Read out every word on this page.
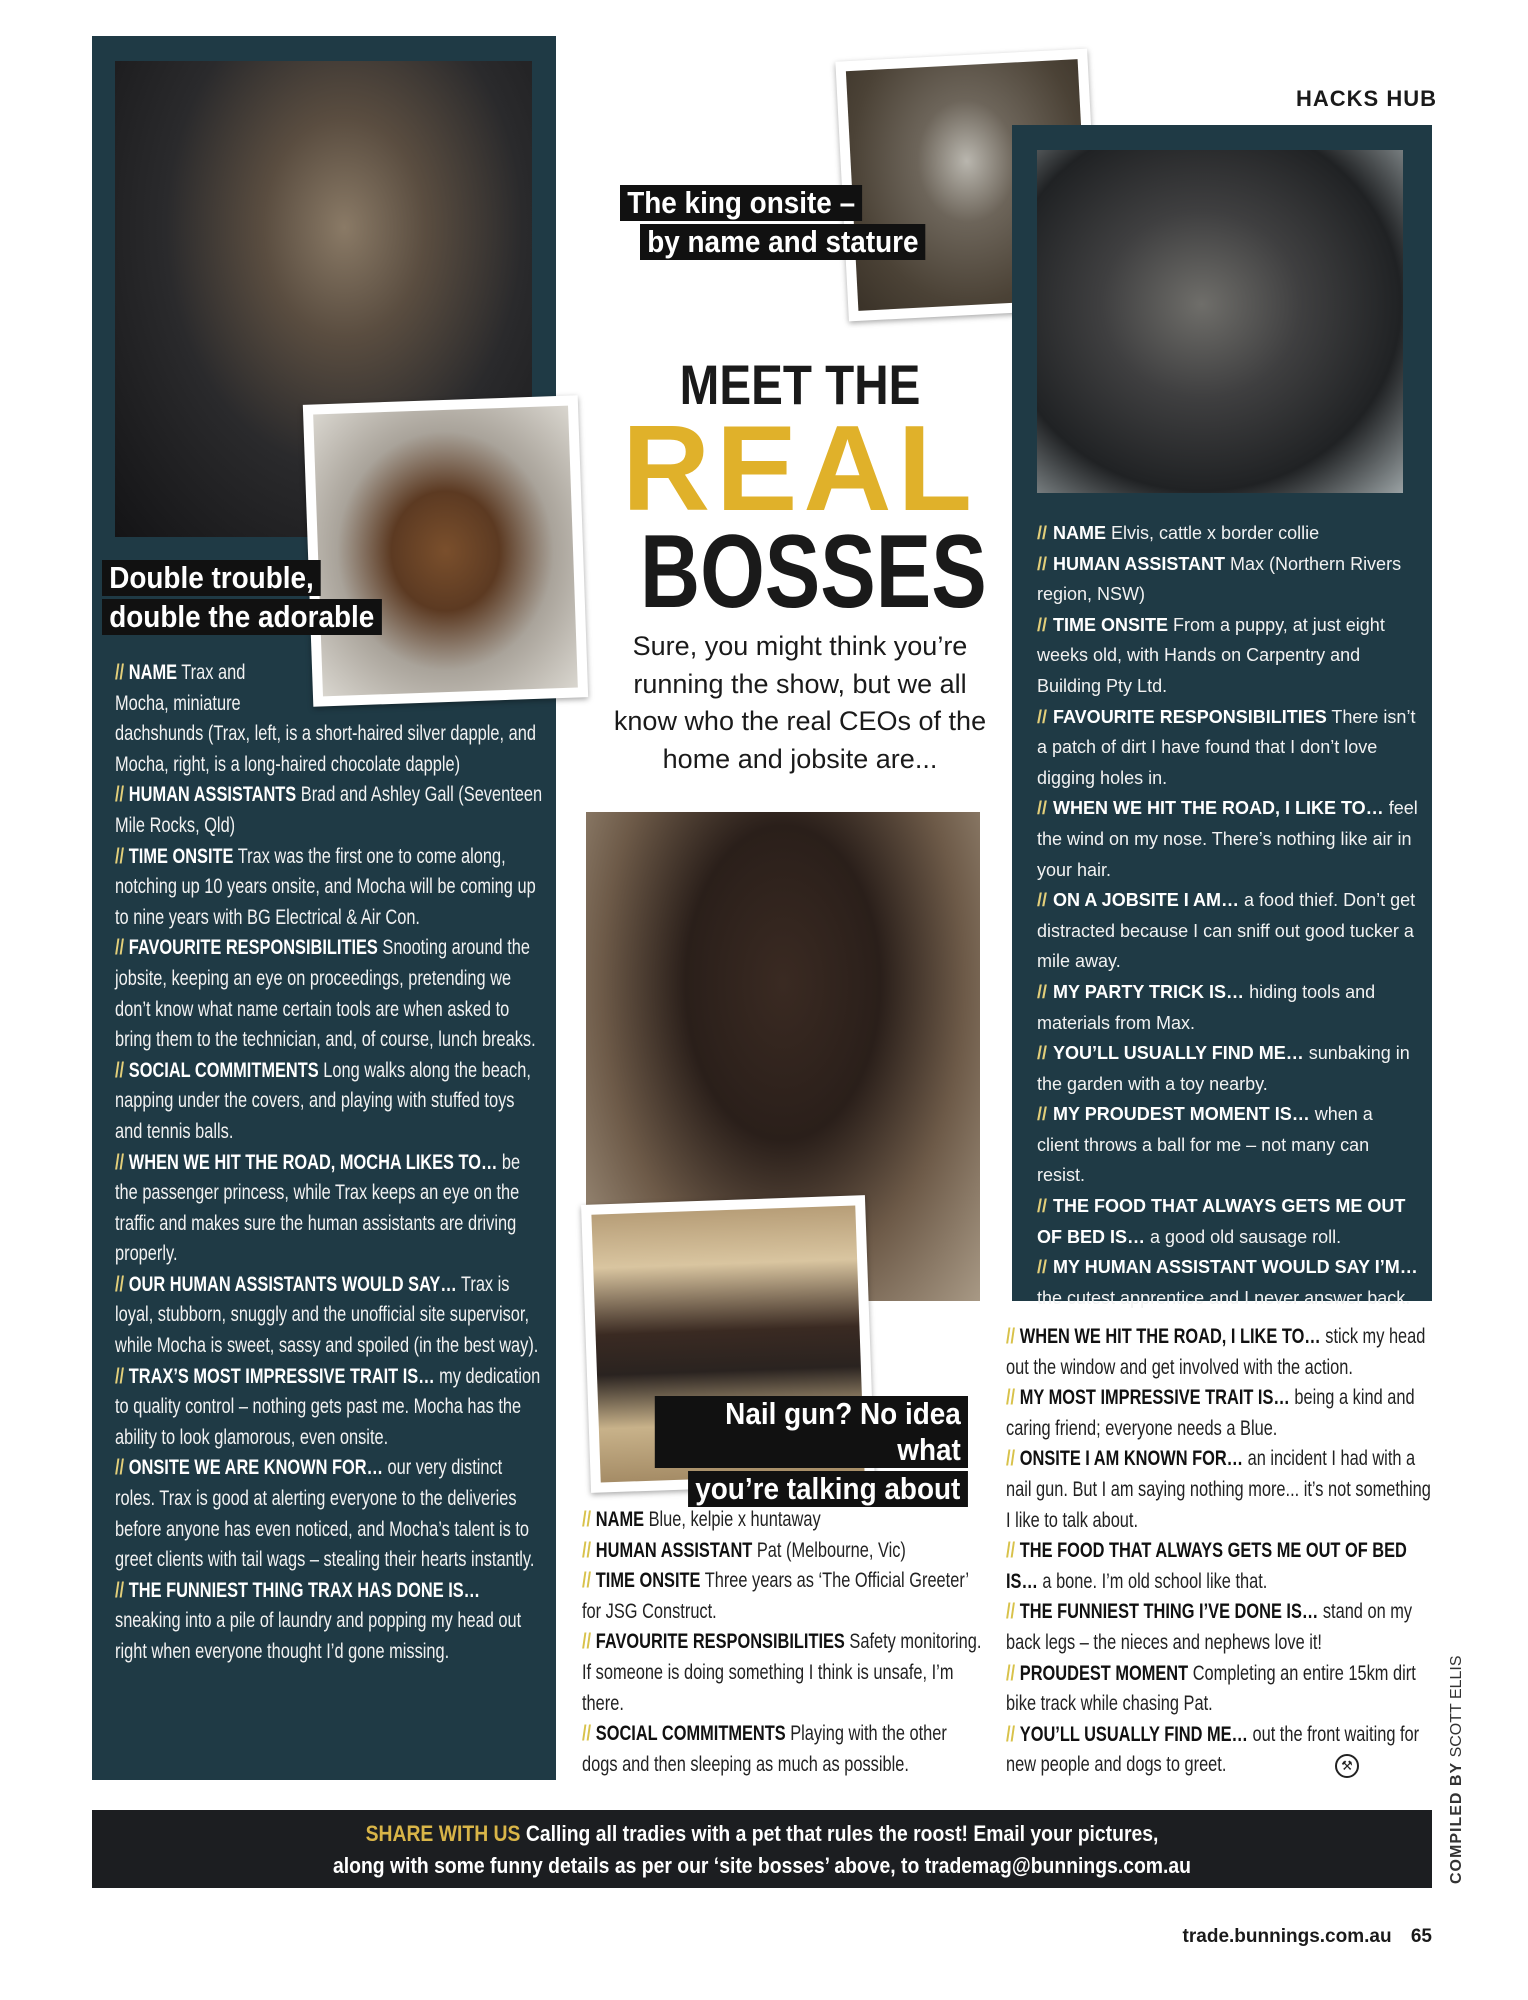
HACKS HUB
Double trouble,
double the adorable

// NAME Trax and Mocha, miniature dachshunds (Trax, left, is a short-haired silver dapple, and Mocha, right, is a long-haired chocolate dapple)

// HUMAN ASSISTANTS Brad and Ashley Gall (Seventeen Mile Rocks, Qld)

// TIME ONSITE Trax was the first one to come along, notching up 10 years onsite, and Mocha will be coming up to nine years with BG Electrical & Air Con.

// FAVOURITE RESPONSIBILITIES Snooting around the jobsite, keeping an eye on proceedings, pretending we don’t know what name certain tools are when asked to bring them to the technician, and, of course, lunch breaks.

// SOCIAL COMMITMENTS Long walks along the beach, napping under the covers, and playing with stuffed toys and tennis balls.

// WHEN WE HIT THE ROAD, MOCHA LIKES TO… be the passenger princess, while Trax keeps an eye on the traffic and makes sure the human assistants are driving properly.

// OUR HUMAN ASSISTANTS WOULD SAY… Trax is loyal, stubborn, snuggly and the unofficial site supervisor, while Mocha is sweet, sassy and spoiled (in the best way).

// TRAX’S MOST IMPRESSIVE TRAIT IS… my dedication to quality control – nothing gets past me. Mocha has the ability to look glamorous, even onsite.

// ONSITE WE ARE KNOWN FOR… our very distinct roles. Trax is good at alerting everyone to the deliveries before anyone has even noticed, and Mocha’s talent is to greet clients with tail wags – stealing their hearts instantly.

// THE FUNNIEST THING TRAX HAS DONE IS… sneaking into a pile of laundry and popping my head out right when everyone thought I’d gone missing.

The king onsite –
by name and stature
MEET THE
REAL
BOSSES
Sure, you might think you’re running the show, but we all know who the real CEOs of the home and jobsite are...

// NAME Elvis, cattle x border collie

// HUMAN ASSISTANT Max (Northern Rivers region, NSW)

// TIME ONSITE From a puppy, at just eight weeks old, with Hands on Carpentry and Building Pty Ltd.

// FAVOURITE RESPONSIBILITIES There isn’t a patch of dirt I have found that I don’t love digging holes in.

// WHEN WE HIT THE ROAD, I LIKE TO… feel the wind on my nose. There’s nothing like air in your hair.

// ON A JOBSITE I AM… a food thief. Don’t get distracted because I can sniff out good tucker a mile away.

// MY PARTY TRICK IS… hiding tools and materials from Max.

// YOU’LL USUALLY FIND ME… sunbaking in the garden with a toy nearby.

// MY PROUDEST MOMENT IS… when a client throws a ball for me – not many can resist.

// THE FOOD THAT ALWAYS GETS ME OUT OF BED IS… a good old sausage roll.

// MY HUMAN ASSISTANT WOULD SAY I’M… the cutest apprentice and I never answer back.

Nail gun? No idea what
you’re talking about

// NAME Blue, kelpie x huntaway

// HUMAN ASSISTANT Pat (Melbourne, Vic)

// TIME ONSITE Three years as ‘The Official Greeter’ for JSG Construct.

// FAVOURITE RESPONSIBILITIES Safety monitoring. If someone is doing something I think is unsafe, I’m there.

// SOCIAL COMMITMENTS Playing with the other dogs and then sleeping as much as possible.

// WHEN WE HIT THE ROAD, I LIKE TO… stick my head out the window and get involved with the action.

// MY MOST IMPRESSIVE TRAIT IS… being a kind and caring friend; everyone needs a Blue.

// ONSITE I AM KNOWN FOR… an incident I had with a nail gun. But I am saying nothing more... it’s not something I like to talk about.

// THE FOOD THAT ALWAYS GETS ME OUT OF BED IS… a bone. I’m old school like that.

// THE FUNNIEST THING I’VE DONE IS… stand on my back legs – the nieces and nephews love it!

// PROUDEST MOMENT Completing an entire 15km dirt bike track while chasing Pat.

// YOU’LL USUALLY FIND ME… out the front waiting for new people and dogs to greet.	⚒	COMPILED BY SCOTT ELLIS
SHARE WITH US Calling all tradies with a pet that rules the roost! Email your pictures,
along with some funny details as per our ‘site bosses’ above, to trademag@bunnings.com.au
trade.bunnings.com.au 65
